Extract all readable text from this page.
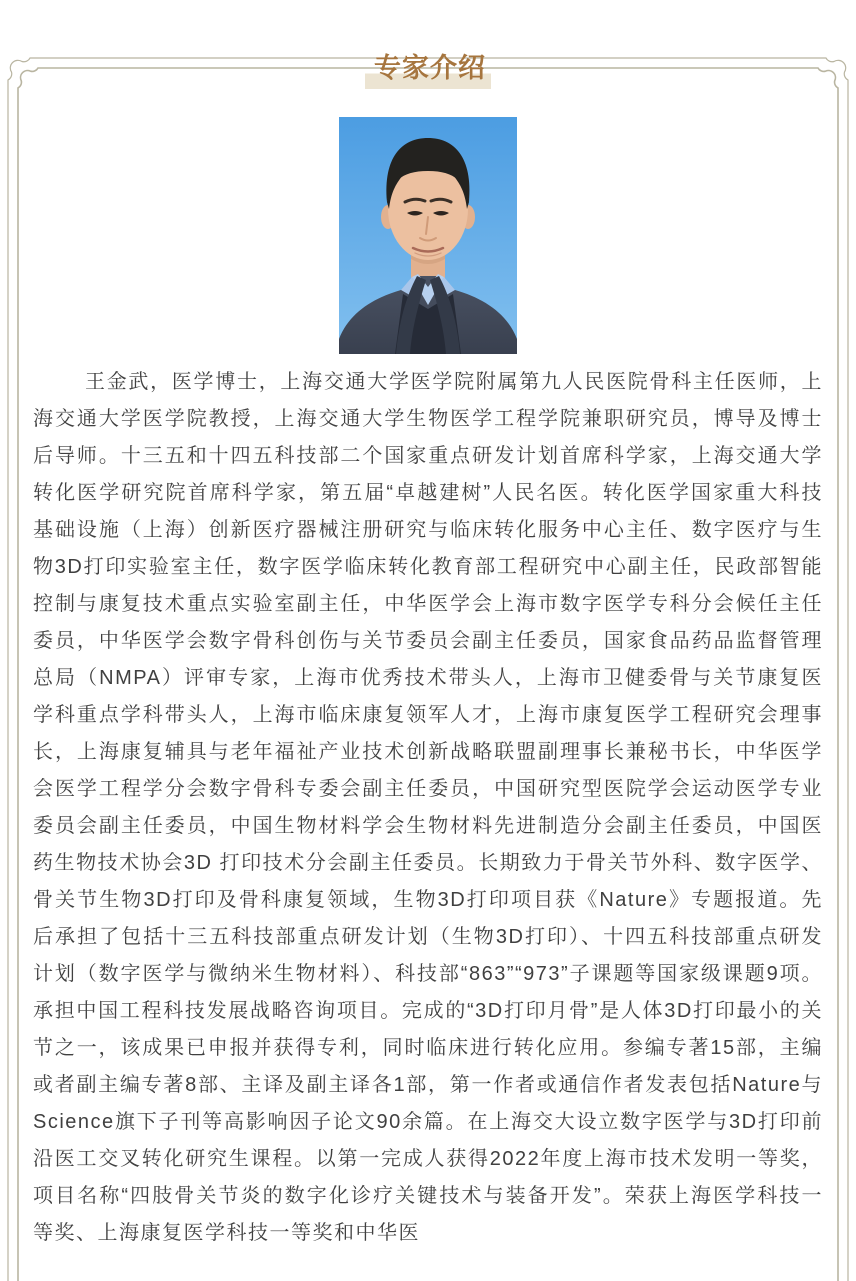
专家介绍

王金武，医学博士，上海交通大学医学院附属第九人民医院骨科主任医师，上海交通大学医学院教授，上海交通大学生物医学工程学院兼职研究员，博导及博士后导师。十三五和十四五科技部二个国家重点研发计划首席科学家，上海交通大学转化医学研究院首席科学家，第五届“卓越建树”人民名医。转化医学国家重大科技基础设施（上海）创新医疗器械注册研究与临床转化服务中心主任、数字医疗与生物3D打印实验室主任，数字医学临床转化教育部工程研究中心副主任，民政部智能控制与康复技术重点实验室副主任，中华医学会上海市数字医学专科分会候任主任委员，中华医学会数字骨科创伤与关节委员会副主任委员，国家食品药品监督管理总局（NMPA）评审专家，上海市优秀技术带头人，上海市卫健委骨与关节康复医学科重点学科带头人，上海市临床康复领军人才，上海市康复医学工程研究会理事长，上海康复辅具与老年福祉产业技术创新战略联盟副理事长兼秘书长，中华医学会医学工程学分会数字骨科专委会副主任委员，中国研究型医院学会运动医学专业委员会副主任委员，中国生物材料学会生物材料先进制造分会副主任委员，中国医药生物技术协会3D 打印技术分会副主任委员。长期致力于骨关节外科、数字医学、骨关节生物3D打印及骨科康复领域，生物3D打印项目获《Nature》专题报道。先后承担了包括十三五科技部重点研发计划（生物3D打印）、十四五科技部重点研发计划（数字医学与微纳米生物材料）、科技部“863”“973”子课题等国家级课题9项。承担中国工程科技发展战略咨询项目。完成的“3D打印月骨”是人体3D打印最小的关节之一，该成果已申报并获得专利，同时临床进行转化应用。参编专著15部，主编或者副主编专著8部、主译及副主译各1部，第一作者或通信作者发表包括Nature与Science旗下子刊等高影响因子论文90余篇。在上海交大设立数字医学与3D打印前沿医工交叉转化研究生课程。以第一完成人获得2022年度上海市技术发明一等奖，项目名称“四肢骨关节炎的数字化诊疗关键技术与装备开发”。荣获上海医学科技一等奖、上海康复医学科技一等奖和中华医
